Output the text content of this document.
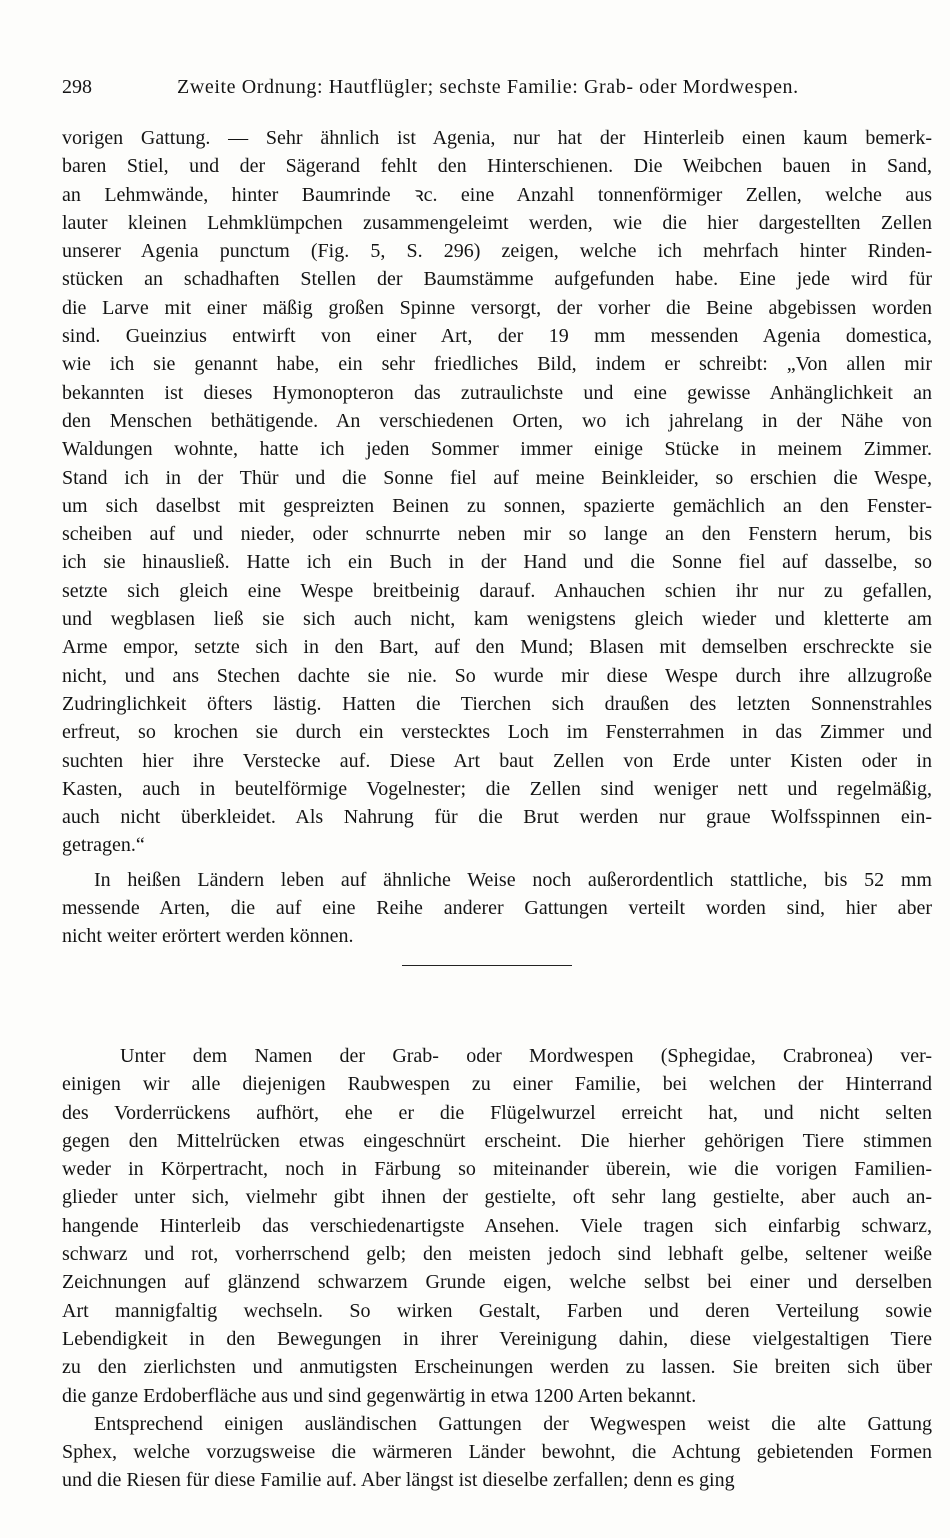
298	Zweite Ordnung: Hautflügler; sechste Familie: Grab- oder Mordwespen.
vorigen Gattung. — Sehr ähnlich ist Agenia, nur hat der Hinterleib einen kaum bemerk-
baren Stiel, und der Sägerand fehlt den Hinterschienen. Die Weibchen bauen in Sand,
an Lehmwände, hinter Baumrinde ꝛc. eine Anzahl tonnenförmiger Zellen, welche aus
lauter kleinen Lehmklümpchen zusammengeleimt werden, wie die hier dargestellten Zellen
unserer Agenia punctum (Fig. 5, S. 296) zeigen, welche ich mehrfach hinter Rinden-
stücken an schadhaften Stellen der Baumstämme aufgefunden habe. Eine jede wird für
die Larve mit einer mäßig großen Spinne versorgt, der vorher die Beine abgebissen worden
sind. Gueinzius entwirft von einer Art, der 19 mm messenden Agenia domestica,
wie ich sie genannt habe, ein sehr friedliches Bild, indem er schreibt: „Von allen mir
bekannten ist dieses Hymonopteron das zutraulichste und eine gewisse Anhänglichkeit an
den Menschen bethätigende. An verschiedenen Orten, wo ich jahrelang in der Nähe von
Waldungen wohnte, hatte ich jeden Sommer immer einige Stücke in meinem Zimmer.
Stand ich in der Thür und die Sonne fiel auf meine Beinkleider, so erschien die Wespe,
um sich daselbst mit gespreizten Beinen zu sonnen, spazierte gemächlich an den Fenster-
scheiben auf und nieder, oder schnurrte neben mir so lange an den Fenstern herum, bis
ich sie hinausließ. Hatte ich ein Buch in der Hand und die Sonne fiel auf dasselbe, so
setzte sich gleich eine Wespe breitbeinig darauf. Anhauchen schien ihr nur zu gefallen,
und wegblasen ließ sie sich auch nicht, kam wenigstens gleich wieder und kletterte am
Arme empor, setzte sich in den Bart, auf den Mund; Blasen mit demselben erschreckte sie
nicht, und ans Stechen dachte sie nie. So wurde mir diese Wespe durch ihre allzugroße
Zudringlichkeit öfters lästig. Hatten die Tierchen sich draußen des letzten Sonnenstrahles
erfreut, so krochen sie durch ein verstecktes Loch im Fensterrahmen in das Zimmer und
suchten hier ihre Verstecke auf. Diese Art baut Zellen von Erde unter Kisten oder in
Kasten, auch in beutelförmige Vogelnester; die Zellen sind weniger nett und regelmäßig,
auch nicht überkleidet. Als Nahrung für die Brut werden nur graue Wolfsspinnen ein-
getragen.“
In heißen Ländern leben auf ähnliche Weise noch außerordentlich stattliche, bis 52 mm
messende Arten, die auf eine Reihe anderer Gattungen verteilt worden sind, hier aber
nicht weiter erörtert werden können.
Unter dem Namen der Grab- oder Mordwespen (Sphegidae, Crabronea) ver-
einigen wir alle diejenigen Raubwespen zu einer Familie, bei welchen der Hinterrand
des Vorderrückens aufhört, ehe er die Flügelwurzel erreicht hat, und nicht selten
gegen den Mittelrücken etwas eingeschnürt erscheint. Die hierher gehörigen Tiere stimmen
weder in Körpertracht, noch in Färbung so miteinander überein, wie die vorigen Familien-
glieder unter sich, vielmehr gibt ihnen der gestielte, oft sehr lang gestielte, aber auch an-
hangende Hinterleib das verschiedenartigste Ansehen. Viele tragen sich einfarbig schwarz,
schwarz und rot, vorherrschend gelb; den meisten jedoch sind lebhaft gelbe, seltener weiße
Zeichnungen auf glänzend schwarzem Grunde eigen, welche selbst bei einer und derselben
Art mannigfaltig wechseln. So wirken Gestalt, Farben und deren Verteilung sowie
Lebendigkeit in den Bewegungen in ihrer Vereinigung dahin, diese vielgestaltigen Tiere
zu den zierlichsten und anmutigsten Erscheinungen werden zu lassen. Sie breiten sich über
die ganze Erdoberfläche aus und sind gegenwärtig in etwa 1200 Arten bekannt.
Entsprechend einigen ausländischen Gattungen der Wegwespen weist die alte Gattung
Sphex, welche vorzugsweise die wärmeren Länder bewohnt, die Achtung gebietenden Formen
und die Riesen für diese Familie auf. Aber längst ist dieselbe zerfallen; denn es ging
